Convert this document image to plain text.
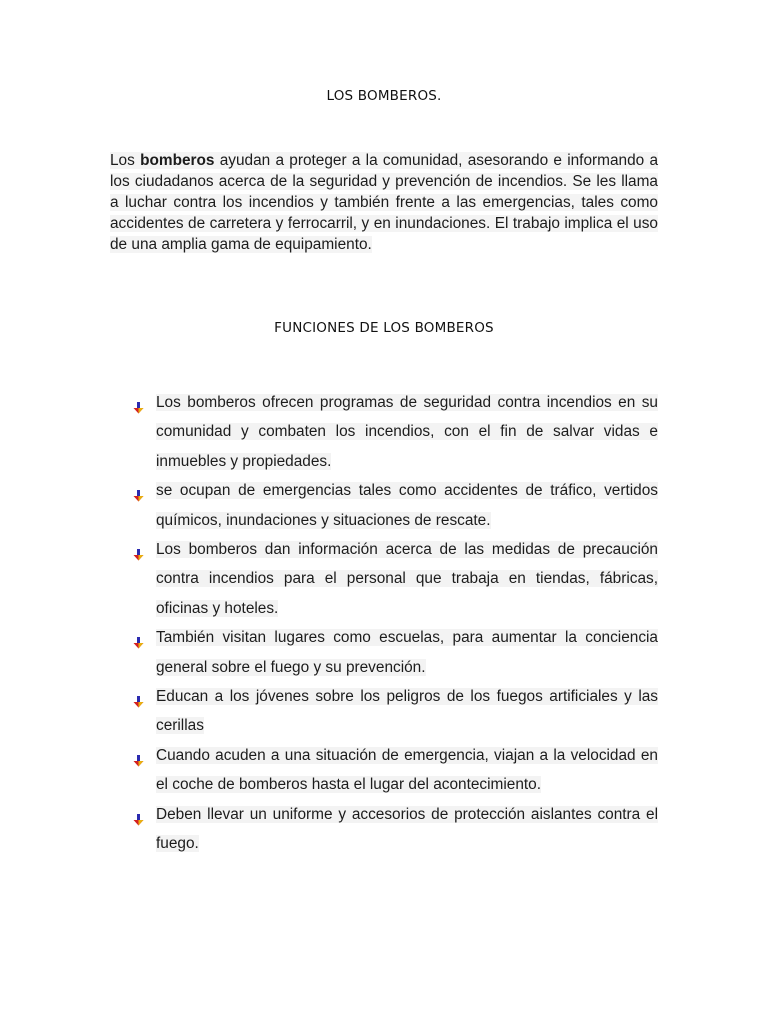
LOS BOMBEROS.

Los bomberos ayudan a proteger a la comunidad, asesorando e informando a los ciudadanos acerca de la seguridad y prevención de incendios. Se les llama a luchar contra los incendios y también frente a las emergencias, tales como accidentes de carretera y ferrocarril, y en inundaciones. El trabajo implica el uso de una amplia gama de equipamiento.

FUNCIONES DE LOS BOMBEROS
Los bomberos ofrecen programas de seguridad contra incendios en su comunidad y combaten los incendios, con el fin de salvar vidas e inmuebles y propiedades.
se ocupan de emergencias tales como accidentes de tráfico, vertidos químicos, inundaciones y situaciones de rescate.
Los bomberos dan información acerca de las medidas de precaución contra incendios para el personal que trabaja en tiendas, fábricas, oficinas y hoteles.
También visitan lugares como escuelas, para aumentar la conciencia general sobre el fuego y su prevención.
Educan a los jóvenes sobre los peligros de los fuegos artificiales y las cerillas
Cuando acuden a una situación de emergencia, viajan a la velocidad en el coche de bomberos hasta el lugar del acontecimiento.
Deben llevar un uniforme y accesorios de protección aislantes contra el fuego.
